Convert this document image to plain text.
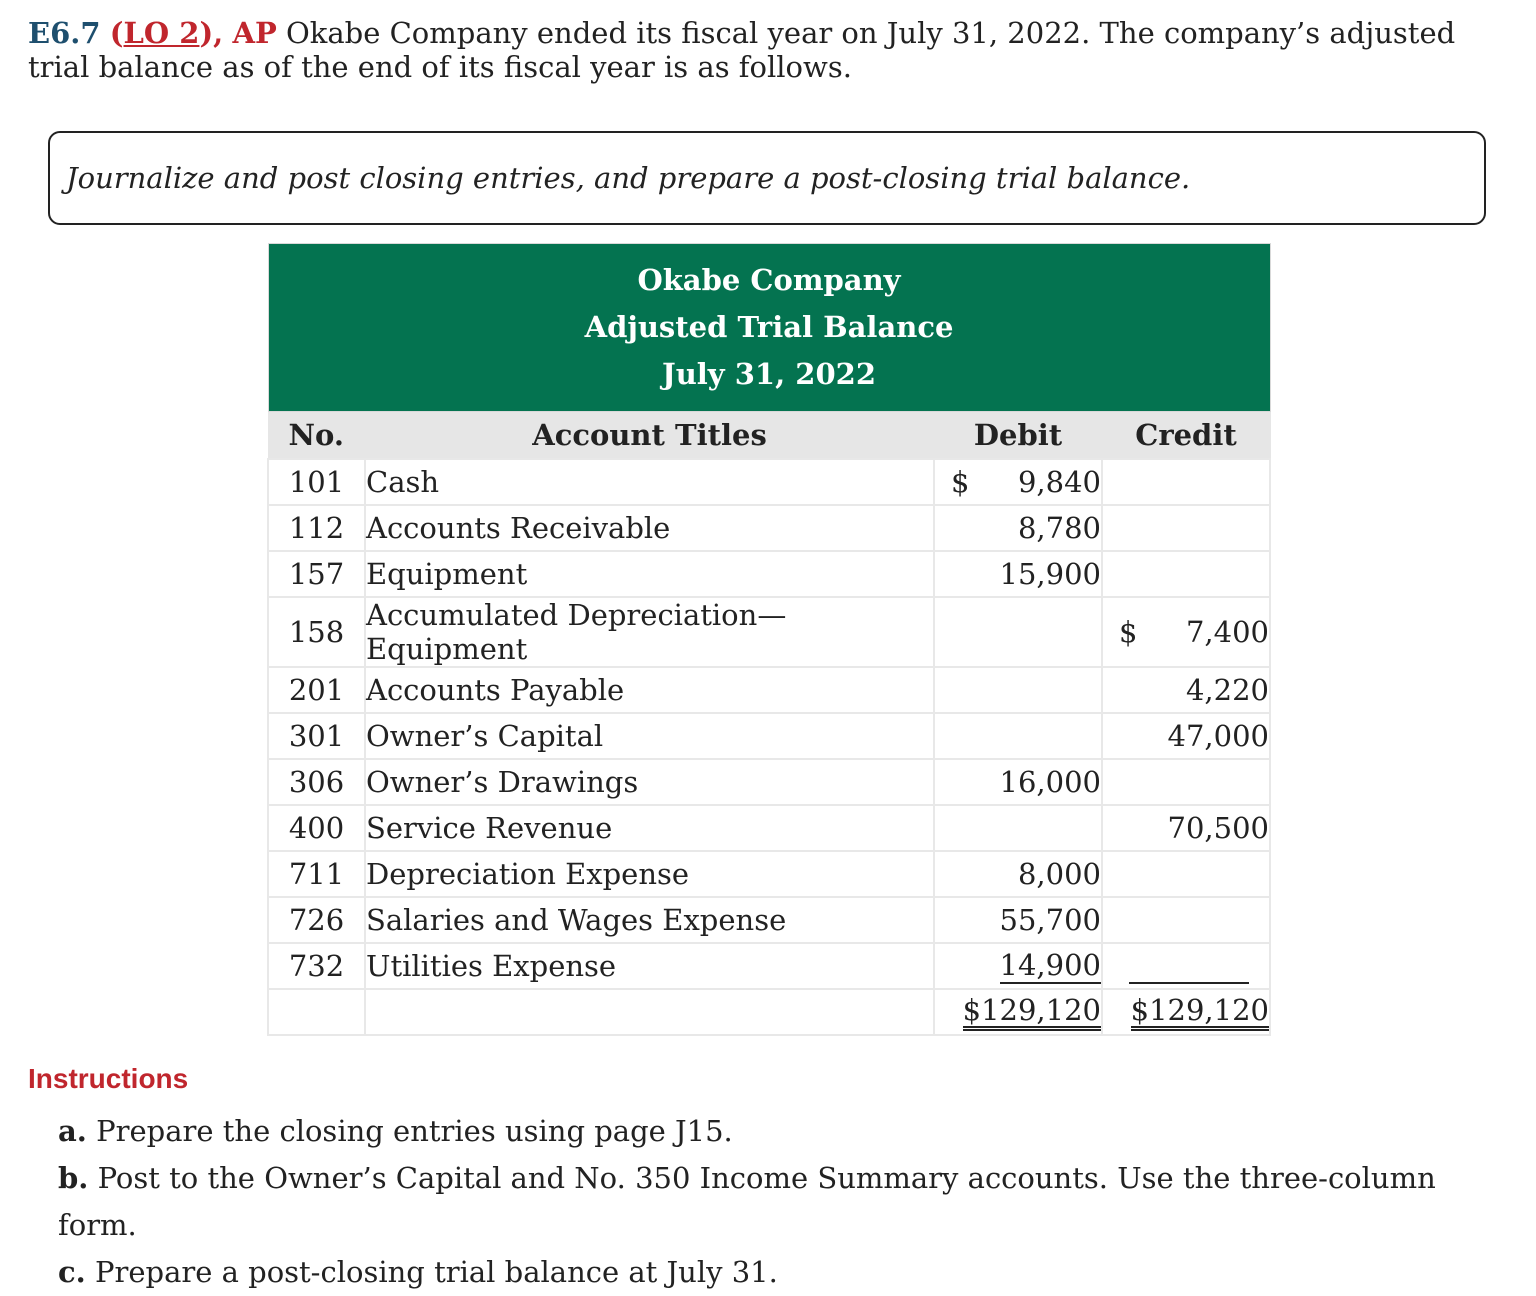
E6.7 (LO 2), AP Okabe Company ended its fiscal year on July 31, 2022. The company’s adjusted trial balance as of the end of its fiscal year is as follows.
Journalize and post closing entries, and prepare a post-closing trial balance.
Okabe Company
Adjusted Trial Balance
July 31, 2022			

No.	Account Titles	Debit	Credit
101	Cash	$ 9,840	

112	Accounts Receivable	8,780	

157	Equipment	15,900	

158	Accumulated Depreciation—Equipment		$ 7,400
201	Accounts Payable		4,220
301	Owner’s Capital		47,000
306	Owner’s Drawings	16,000	

400	Service Revenue		70,500
711	Depreciation Expense	8,000	

726	Salaries and Wages Expense	55,700	

732	Utilities Expense	14,900	

		$129,120	$129,120
Instructions
a. Prepare the closing entries using page J15.
b. Post to the Owner’s Capital and No. 350 Income Summary accounts. Use the three-column form.
c. Prepare a post-closing trial balance at July 31.
